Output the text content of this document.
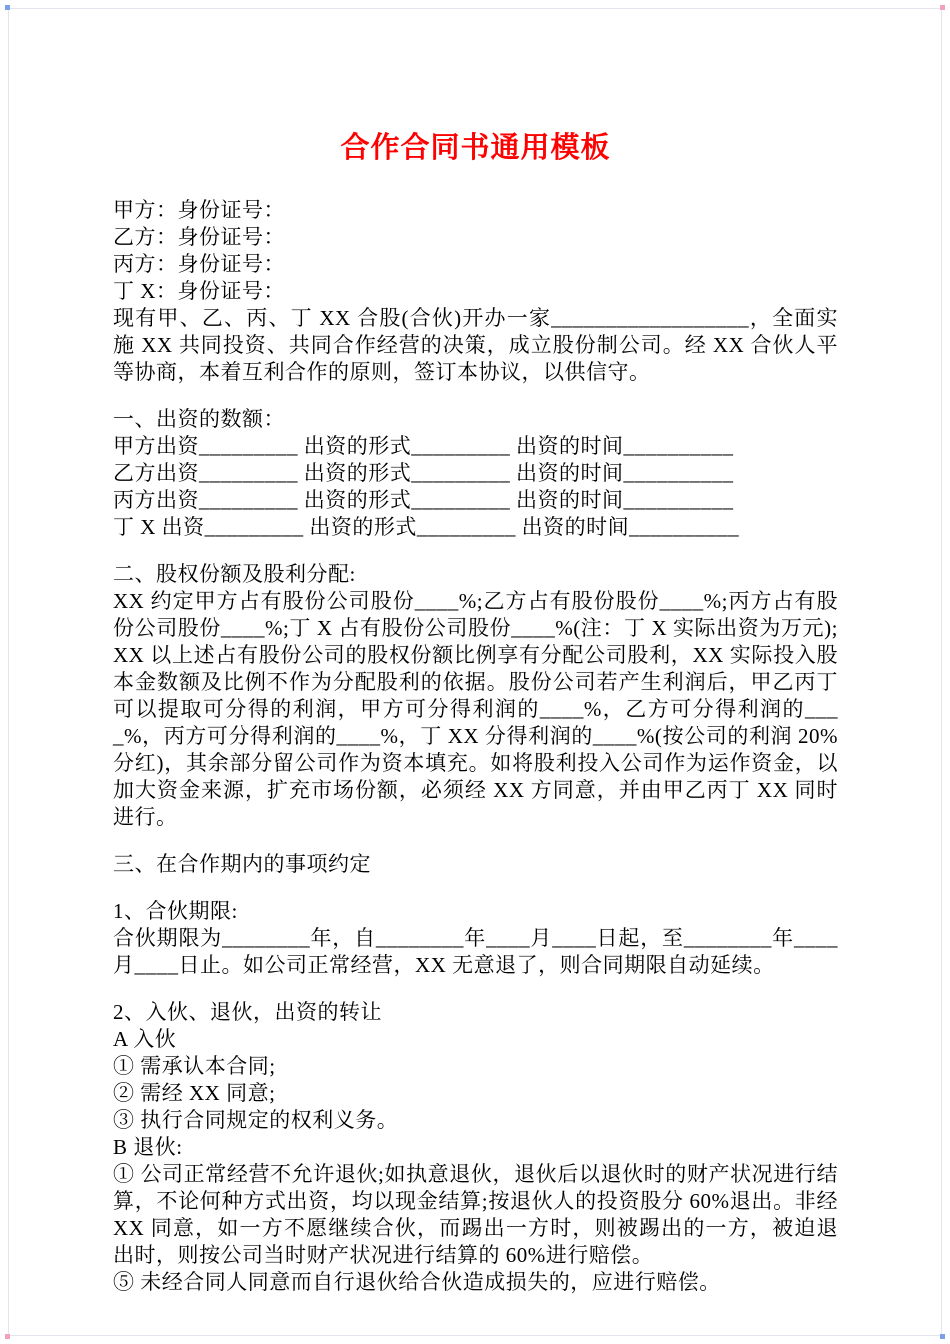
合作合同书通用模板

甲方：身份证号：

乙方：身份证号：

丙方：身份证号：

丁 X：身份证号：

现有甲、乙、丙、丁 XX 合股(合伙)开办一家__________________，全面实施 XX 共同投资、共同合作经营的决策，成立股份制公司。经 XX 合伙人平等协商，本着互利合作的原则，签订本协议，以供信守。

一、出资的数额：

甲方出资_________ 出资的形式_________ 出资的时间__________

乙方出资_________ 出资的形式_________ 出资的时间__________

丙方出资_________ 出资的形式_________ 出资的时间__________

丁 X 出资_________ 出资的形式_________ 出资的时间__________

二、股权份额及股利分配:

XX 约定甲方占有股份公司股份____%;乙方占有股份股份____%;丙方占有股份公司股份____%;丁 X 占有股份公司股份____%(注：丁 X 实际出资为万元);XX 以上述占有股份公司的股权份额比例享有分配公司股利，XX 实际投入股本金数额及比例不作为分配股利的依据。股份公司若产生利润后，甲乙丙丁可以提取可分得的利润，甲方可分得利润的____%，乙方可分得利润的____%，丙方可分得利润的____%，丁 XX 分得利润的____%(按公司的利润 20%分红)，其余部分留公司作为资本填充。如将股利投入公司作为运作资金，以加大资金来源，扩充市场份额，必须经 XX 方同意，并由甲乙丙丁 XX 同时进行。

三、在合作期内的事项约定

1、合伙期限:

合伙期限为________年，自________年____月____日起，至________年____月____日止。如公司正常经营，XX 无意退了，则合同期限自动延续。

2、入伙、退伙，出资的转让

A 入伙

① 需承认本合同;

② 需经 XX 同意;

③ 执行合同规定的权利义务。

B 退伙:

① 公司正常经营不允许退伙;如执意退伙，退伙后以退伙时的财产状况进行结算，不论何种方式出资，均以现金结算;按退伙人的投资股分 60%退出。非经 XX 同意，如一方不愿继续合伙，而踢出一方时，则被踢出的一方，被迫退出时，则按公司当时财产状况进行结算的 60%进行赔偿。

⑤ 未经合同人同意而自行退伙给合伙造成损失的，应进行赔偿。
